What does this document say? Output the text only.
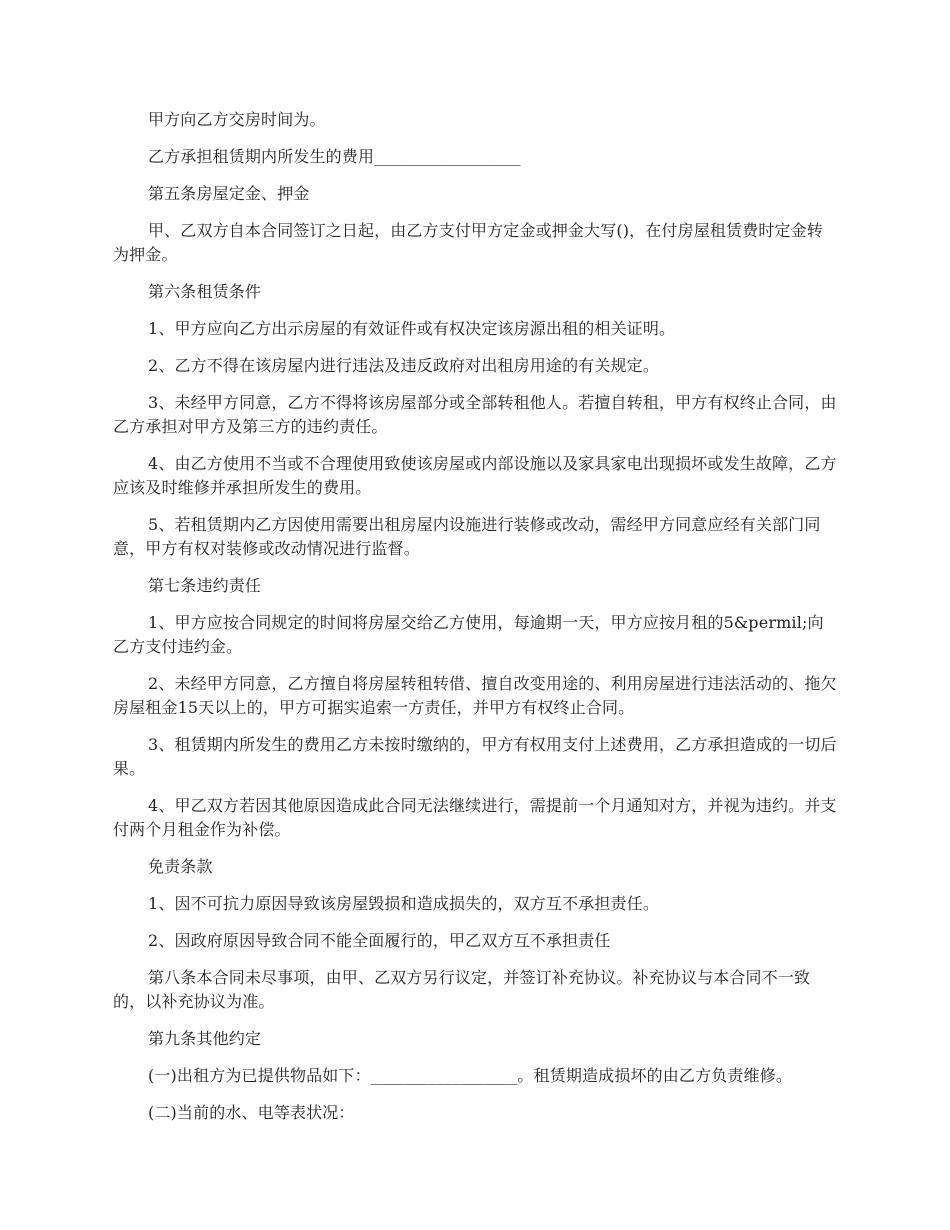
甲方向乙方交房时间为。

乙方承担租赁期内所发生的费用__________________

第五条房屋定金、押金

甲、乙双方自本合同签订之日起，由乙方支付甲方定金或押金大写()，在付房屋租赁费时定金转为押金。

第六条租赁条件

1、甲方应向乙方出示房屋的有效证件或有权决定该房源出租的相关证明。

2、乙方不得在该房屋内进行违法及违反政府对出租房用途的有关规定。

3、未经甲方同意，乙方不得将该房屋部分或全部转租他人。若擅自转租，甲方有权终止合同，由乙方承担对甲方及第三方的违约责任。

4、由乙方使用不当或不合理使用致使该房屋或内部设施以及家具家电出现损坏或发生故障，乙方应该及时维修并承担所发生的费用。

5、若租赁期内乙方因使用需要出租房屋内设施进行装修或改动，需经甲方同意应经有关部门同意，甲方有权对装修或改动情况进行监督。

第七条违约责任

1、甲方应按合同规定的时间将房屋交给乙方使用，每逾期一天，甲方应按月租的5&permil;向乙方支付违约金。

2、未经甲方同意，乙方擅自将房屋转租转借、擅自改变用途的、利用房屋进行违法活动的、拖欠房屋租金15天以上的，甲方可据实追索一方责任，并甲方有权终止合同。

3、租赁期内所发生的费用乙方未按时缴纳的，甲方有权用支付上述费用，乙方承担造成的一切后果。

4、甲乙双方若因其他原因造成此合同无法继续进行，需提前一个月通知对方，并视为违约。并支付两个月租金作为补偿。

免责条款

1、因不可抗力原因导致该房屋毁损和造成损失的，双方互不承担责任。

2、因政府原因导致合同不能全面履行的，甲乙双方互不承担责任

第八条本合同未尽事项，由甲、乙双方另行议定，并签订补充协议。补充协议与本合同不一致的，以补充协议为准。

第九条其他约定

(一)出租方为已提供物品如下：__________________。租赁期造成损坏的由乙方负责维修。

(二)当前的水、电等表状况：
